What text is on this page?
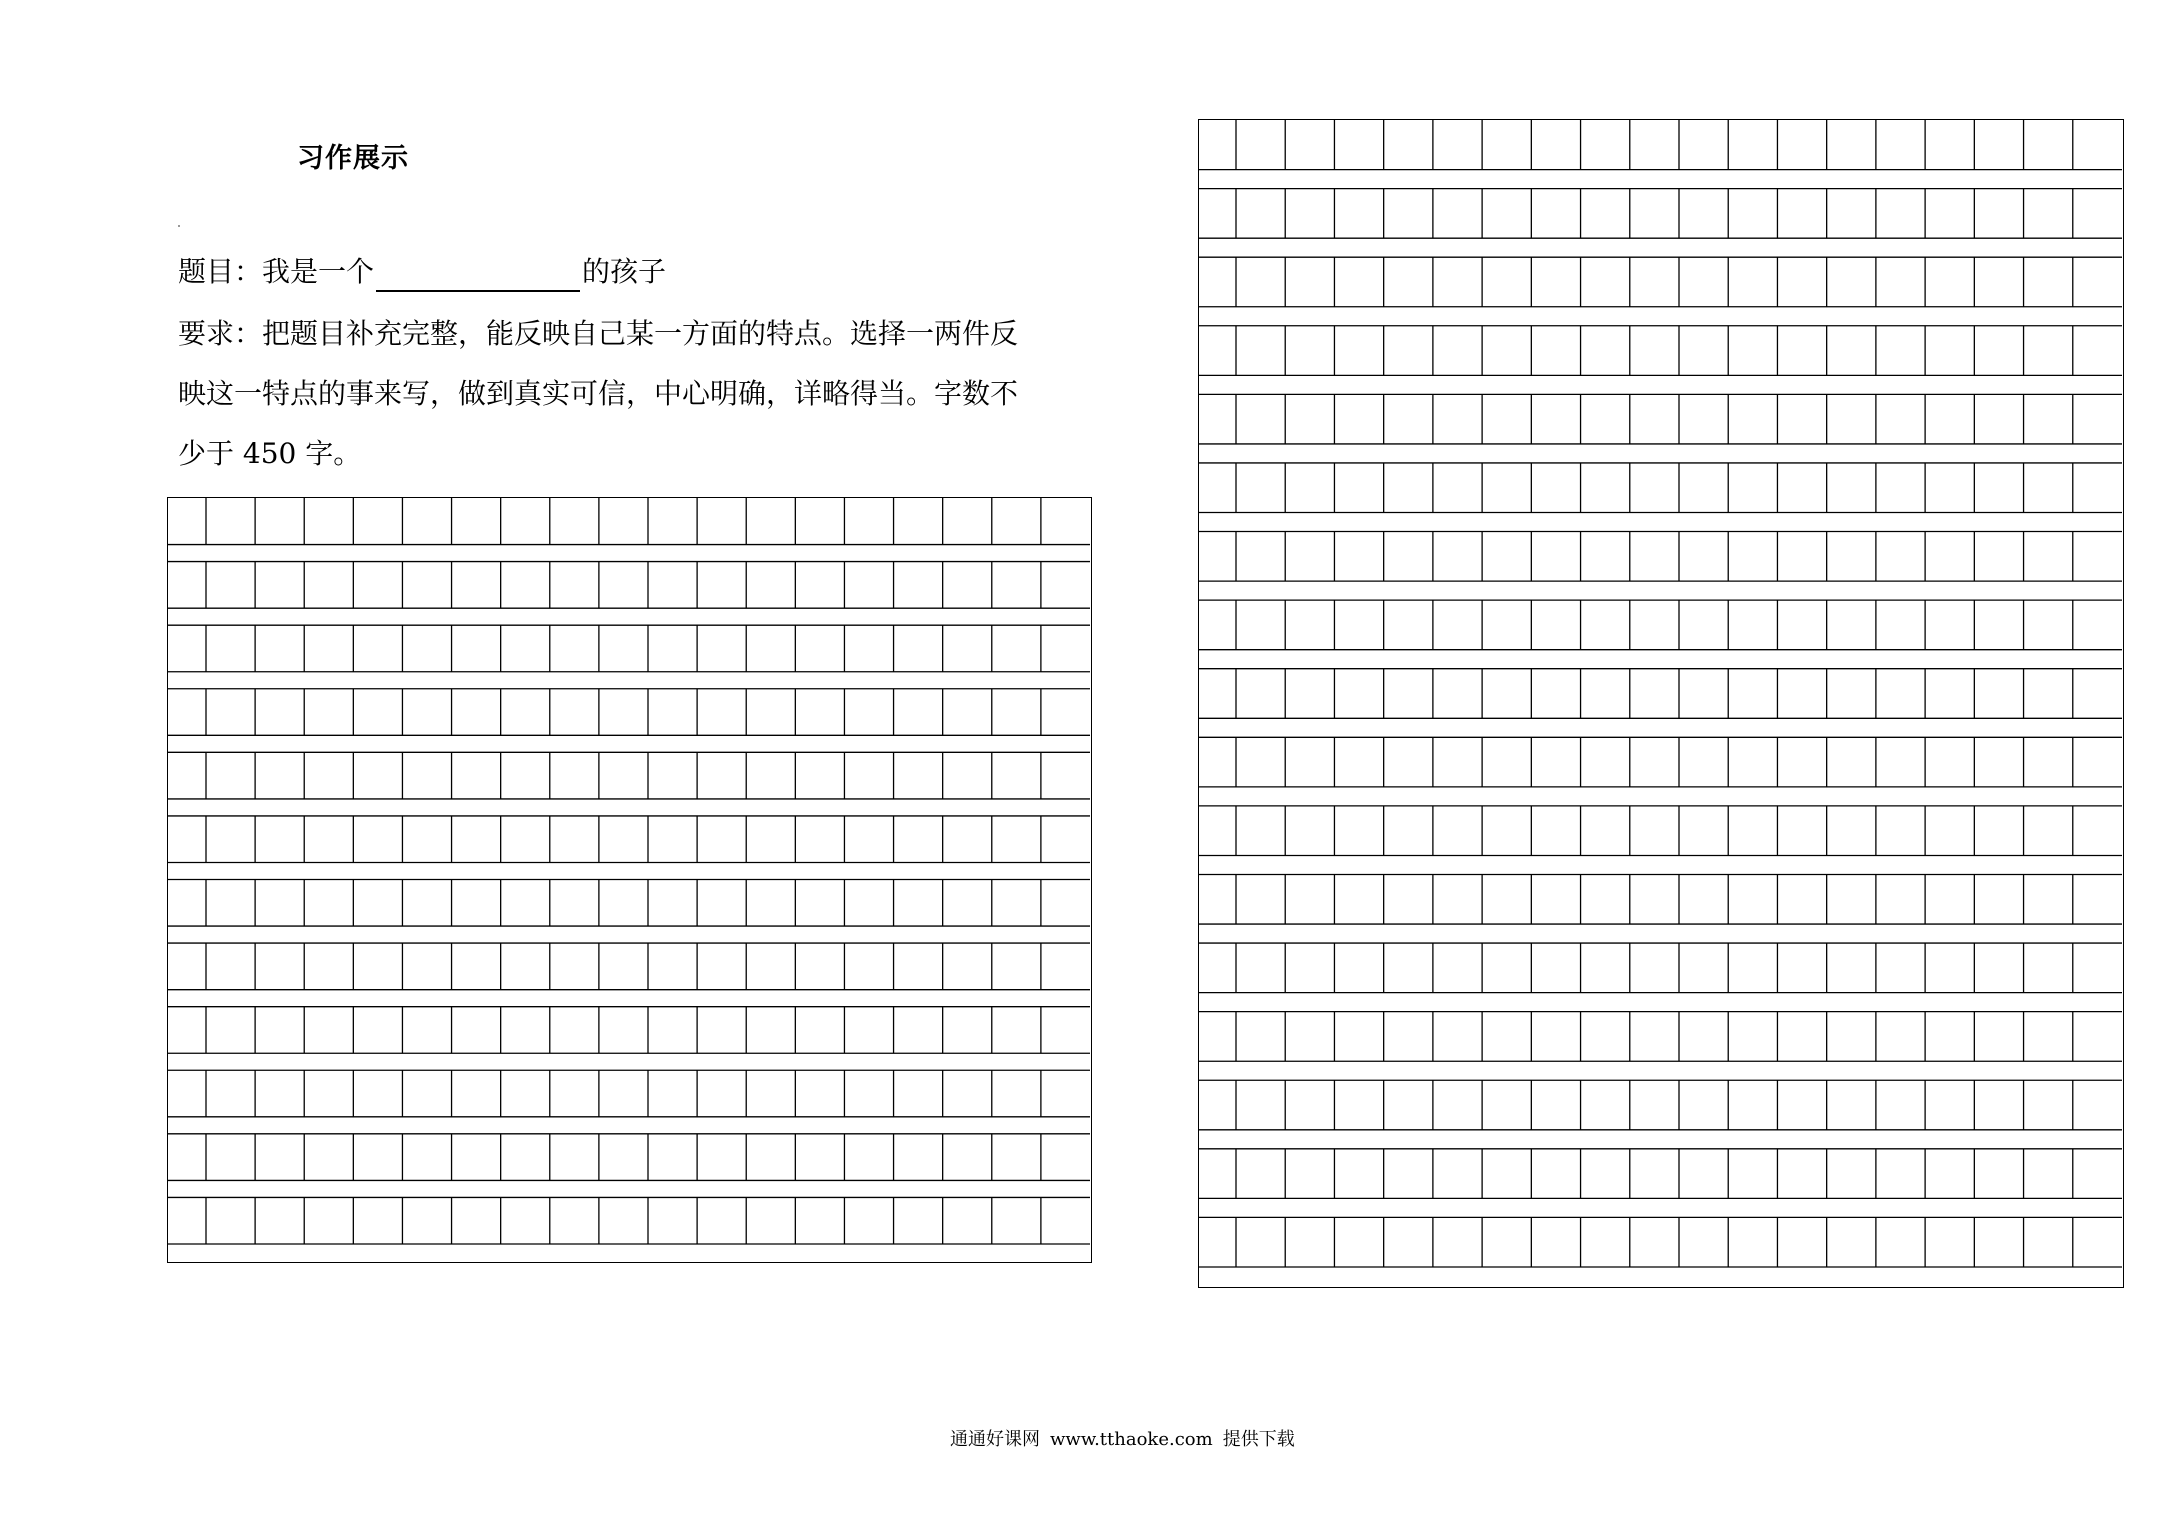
习作展示
题目：我是一个	的孩子
要求：把题目补充完整，能反映自己某一方面的特点。选择一两件反
映这一特点的事来写，做到真实可信，中心明确，详略得当。字数不
少于 450 字。
通通好课网 www.tthaoke.com 提供下载
